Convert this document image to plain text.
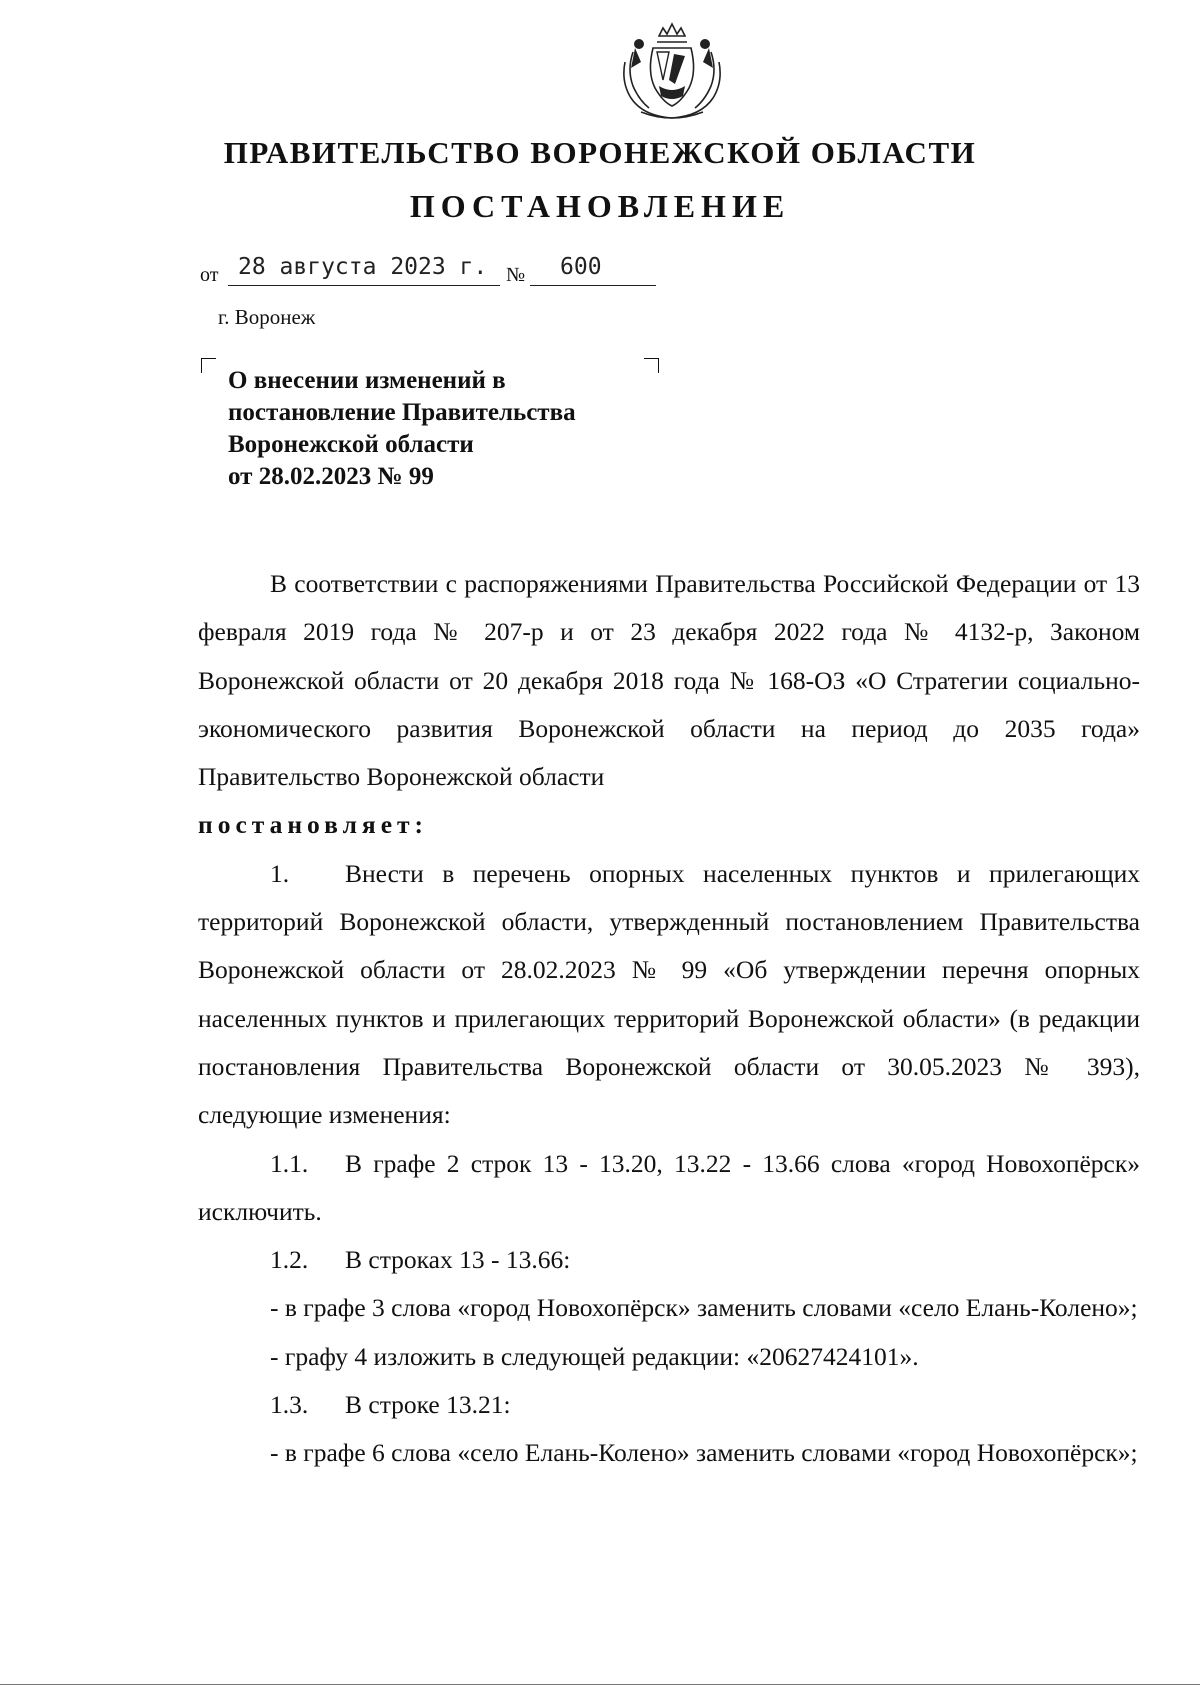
ПРАВИТЕЛЬСТВО ВОРОНЕЖСКОЙ ОБЛАСТИ
ПОСТАНОВЛЕНИЕ
от 28 августа 2023 г. № 600
г. Воронеж
О внесении изменений в
постановление Правительства
Воронежской области
от 28.02.2023 № 99

В соответствии с распоряжениями Правительства Российской Федерации от 13 февраля 2019 года № 207-р и от 23 декабря 2022 года № 4132-р, Законом Воронежской области от 20 декабря 2018 года № 168-ОЗ «О Стратегии социально-экономического развития Воронежской области на период до 2035 года» Правительство Воронежской области

постановляет:

1. Внести в перечень опорных населенных пунктов и прилегающих территорий Воронежской области, утвержденный постановлением Правительства Воронежской области от 28.02.2023 № 99 «Об утверждении перечня опорных населенных пунктов и прилегающих территорий Воронежской области» (в редакции постановления Правительства Воронежской области от 30.05.2023 № 393), следующие изменения:

1.1. В графе 2 строк 13 - 13.20, 13.22 - 13.66 слова «город Новохопёрск» исключить.

1.2. В строках 13 - 13.66:

- в графе 3 слова «город Новохопёрск» заменить словами «село Елань-Колено»;

- графу 4 изложить в следующей редакции: «20627424101».

1.3. В строке 13.21:

- в графе 6 слова «село Елань-Колено» заменить словами «город Новохопёрск»;
